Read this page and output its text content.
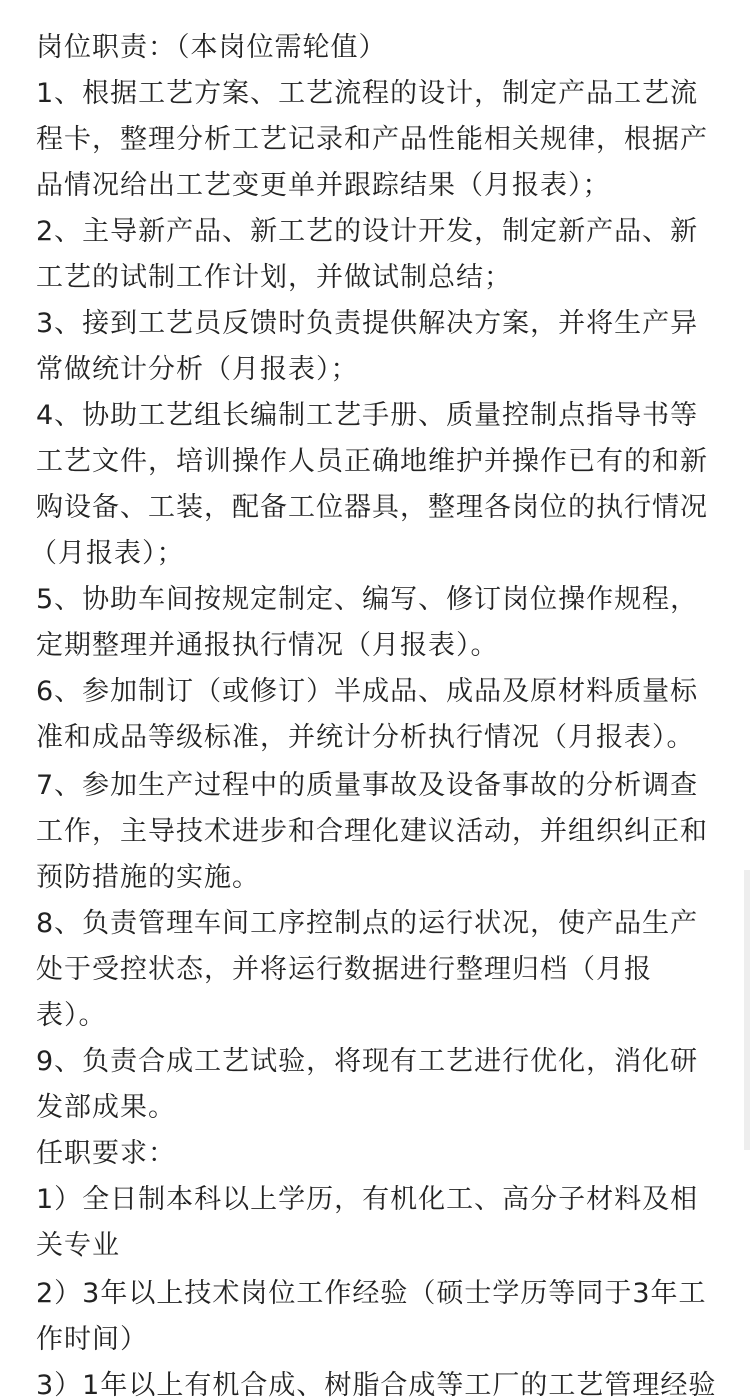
岗位职责：（本岗位需轮值）
1、根据工艺方案、工艺流程的设计，制定产品工艺流
程卡，整理分析工艺记录和产品性能相关规律，根据产
品情况给出工艺变更单并跟踪结果（月报表）；
2、主导新产品、新工艺的设计开发，制定新产品、新
工艺的试制工作计划，并做试制总结；
3、接到工艺员反馈时负责提供解决方案，并将生产异
常做统计分析（月报表）；
4、协助工艺组长编制工艺手册、质量控制点指导书等
工艺文件，培训操作人员正确地维护并操作已有的和新
购设备、工装，配备工位器具，整理各岗位的执行情况
（月报表）；
5、协助车间按规定制定、编写、修订岗位操作规程，
定期整理并通报执行情况（月报表）。
6、参加制订（或修订）半成品、成品及原材料质量标
准和成品等级标准，并统计分析执行情况（月报表）。
7、参加生产过程中的质量事故及设备事故的分析调查
工作，主导技术进步和合理化建议活动，并组织纠正和
预防措施的实施。
8、负责管理车间工序控制点的运行状况，使产品生产
处于受控状态，并将运行数据进行整理归档（月报
表）。
9、负责合成工艺试验，将现有工艺进行优化，消化研
发部成果。
任职要求：
1）全日制本科以上学历，有机化工、高分子材料及相
关专业
2）3年以上技术岗位工作经验（硕士学历等同于3年工
作时间）
3）1年以上有机合成、树脂合成等工厂的工艺管理经验
